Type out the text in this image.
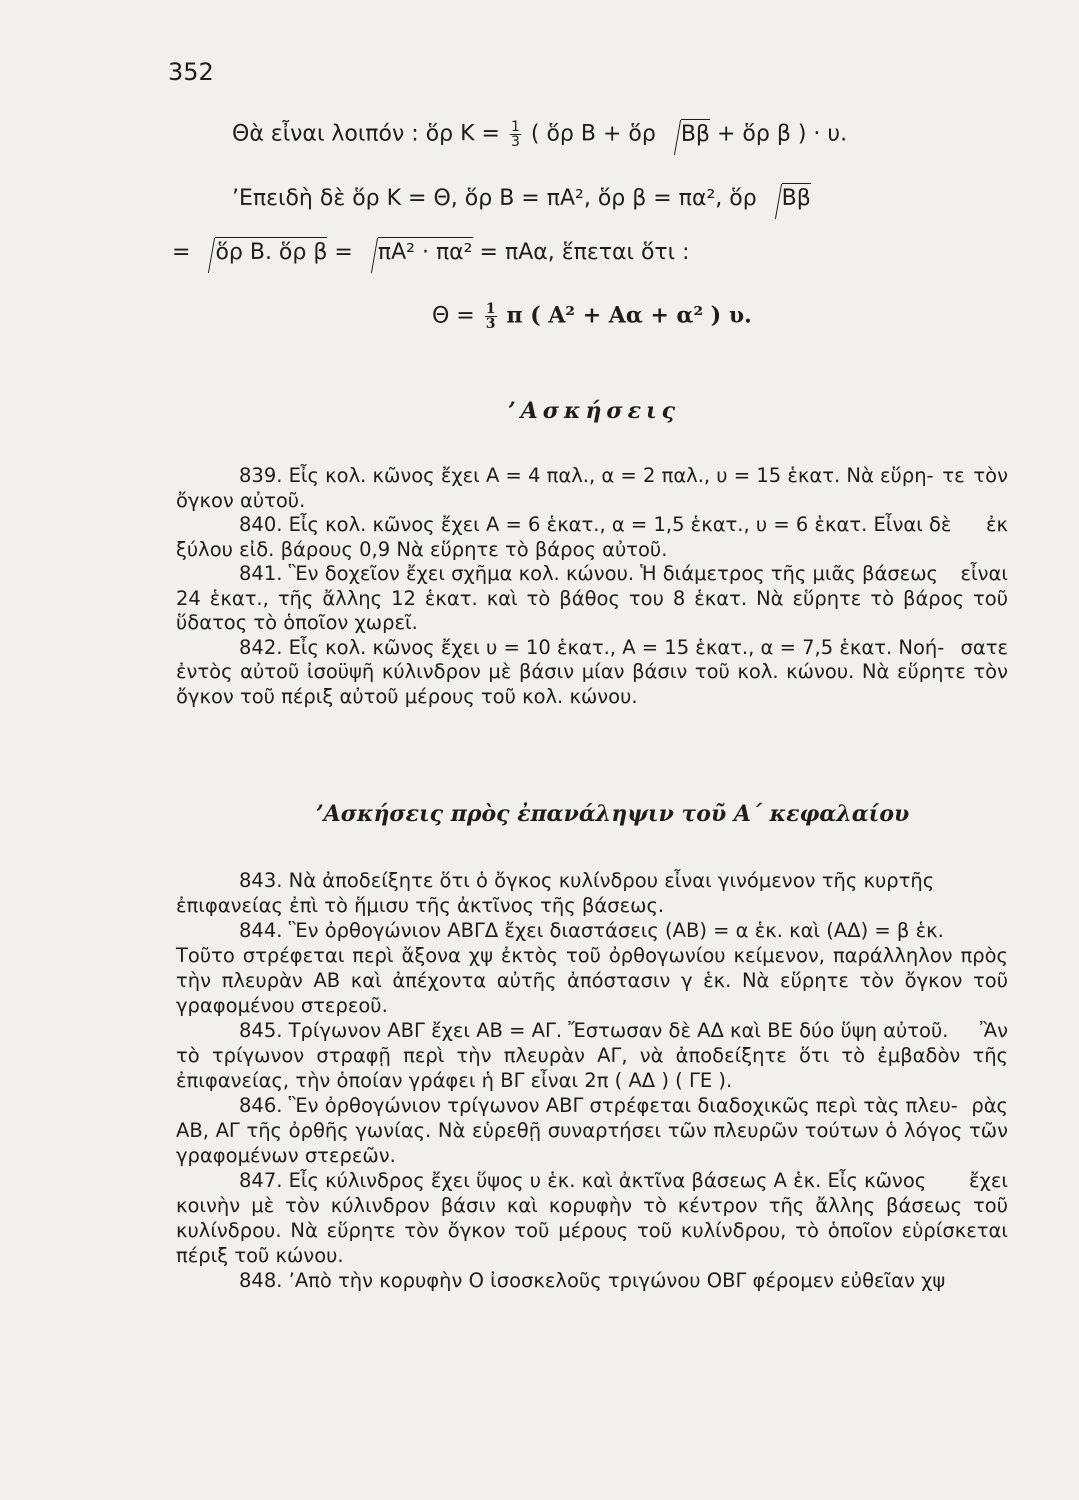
352
Θὰ εἶναι λοιπόν : ὅρ $K = \frac{1}{3}$ ( ὅρ Β + ὅρ Ββ + ὅρ β ) · υ.
’Επειδὴ δὲ ὅρ Κ = Θ, ὅρ Β = πΑ², ὅρ β = πα², ὅρ Ββ
= ὅρ Β. ὅρ β = πΑ² · πα² = πΑα, ἕπεται ὅτι :
$\Theta = \frac{1}{3}$ π ( Α² + Αα + α² ) υ.
’Ασκήσεις

839. Εἶς κολ. κῶνος ἔχει Α = 4 παλ., α = 2 παλ., υ = 15 ἑκατ. Νὰ εὕρη- τε τὸν ὄγκον αὐτοῦ.

840. Εἶς κολ. κῶνος ἔχει Α = 6 ἑκατ., α = 1,5 ἑκατ., υ = 6 ἑκατ. Εἶναι δὲ ἐκ ξύλου εἰδ. βάρους 0,9 Νὰ εὕρητε τὸ βάρος αὐτοῦ.

841. Ἓν δοχεῖον ἔχει σχῆμα κολ. κώνου. Ἡ διάμετρος τῆς μιᾶς βάσεως εἶναι 24 ἑκατ., τῆς ἄλλης 12 ἑκατ. καὶ τὸ βάθος του 8 ἑκατ. Νὰ εὕρητε τὸ βάρος τοῦ ὕδατος τὸ ὁποῖον χωρεῖ.

842. Εἶς κολ. κῶνος ἔχει υ = 10 ἑκατ., Α = 15 ἑκατ., α = 7,5 ἑκατ. Νοή- σατε ἐντὸς αὐτοῦ ἰσοϋψῆ κύλινδρον μὲ βάσιν μίαν βάσιν τοῦ κολ. κώνου. Νὰ εὕρητε τὸν ὄγκον τοῦ πέριξ αὐτοῦ μέρους τοῦ κολ. κώνου.

’Ασκήσεις πρὸς ἐπανάληψιν τοῦ Α΄ κεφαλαίου

843. Νὰ ἀποδείξητε ὅτι ὁ ὄγκος κυλίνδρου εἶναι γινόμενον τῆς κυρτῆς ἐπιφανείας ἐπὶ τὸ ἥμισυ τῆς ἀκτῖνος τῆς βάσεως.

844. Ἓν ὀρθογώνιον ΑΒΓΔ ἔχει διαστάσεις (ΑΒ) = α ἑκ. καὶ (ΑΔ) = β ἑκ. Τοῦτο στρέφεται περὶ ἄξονα χψ ἐκτὸς τοῦ ὀρθογωνίου κείμενον, παράλληλον πρὸς τὴν πλευρὰν ΑΒ καὶ ἀπέχοντα αὐτῆς ἀπόστασιν γ ἑκ. Νὰ εὕρητε τὸν ὄγκον τοῦ γραφομένου στερεοῦ.

845. Τρίγωνον ΑΒΓ ἔχει ΑΒ = ΑΓ. Ἔστωσαν δὲ ΑΔ καὶ ΒΕ δύο ὕψη αὐτοῦ. Ἂν τὸ τρίγωνον στραφῇ περὶ τὴν πλευρὰν ΑΓ, νὰ ἀποδείξητε ὅτι τὸ ἐμβαδὸν τῆς ἐπιφανείας, τὴν ὁποίαν γράφει ἡ ΒΓ εἶναι 2π ( ΑΔ ) ( ΓΕ ).

846. Ἓν ὀρθογώνιον τρίγωνον ΑΒΓ στρέφεται διαδοχικῶς περὶ τὰς πλευ- ρὰς ΑΒ, ΑΓ τῆς ὀρθῆς γωνίας. Νὰ εὑρεθῇ συναρτήσει τῶν πλευρῶν τούτων ὁ λόγος τῶν γραφομένων στερεῶν.

847. Εἶς κύλινδρος ἔχει ὕψος υ ἑκ. καὶ ἀκτῖνα βάσεως Α ἑκ. Εἶς κῶνος ἔχει κοινὴν μὲ τὸν κύλινδρον βάσιν καὶ κορυφὴν τὸ κέντρον τῆς ἄλλης βάσεως τοῦ κυλίνδρου. Νὰ εὕρητε τὸν ὄγκον τοῦ μέρους τοῦ κυλίνδρου, τὸ ὁποῖον εὑρίσκεται πέριξ τοῦ κώνου.

848. ’Απὸ τὴν κορυφὴν Ο ἰσοσκελοῦς τριγώνου ΟΒΓ φέρομεν εὐθεῖαν χψ
